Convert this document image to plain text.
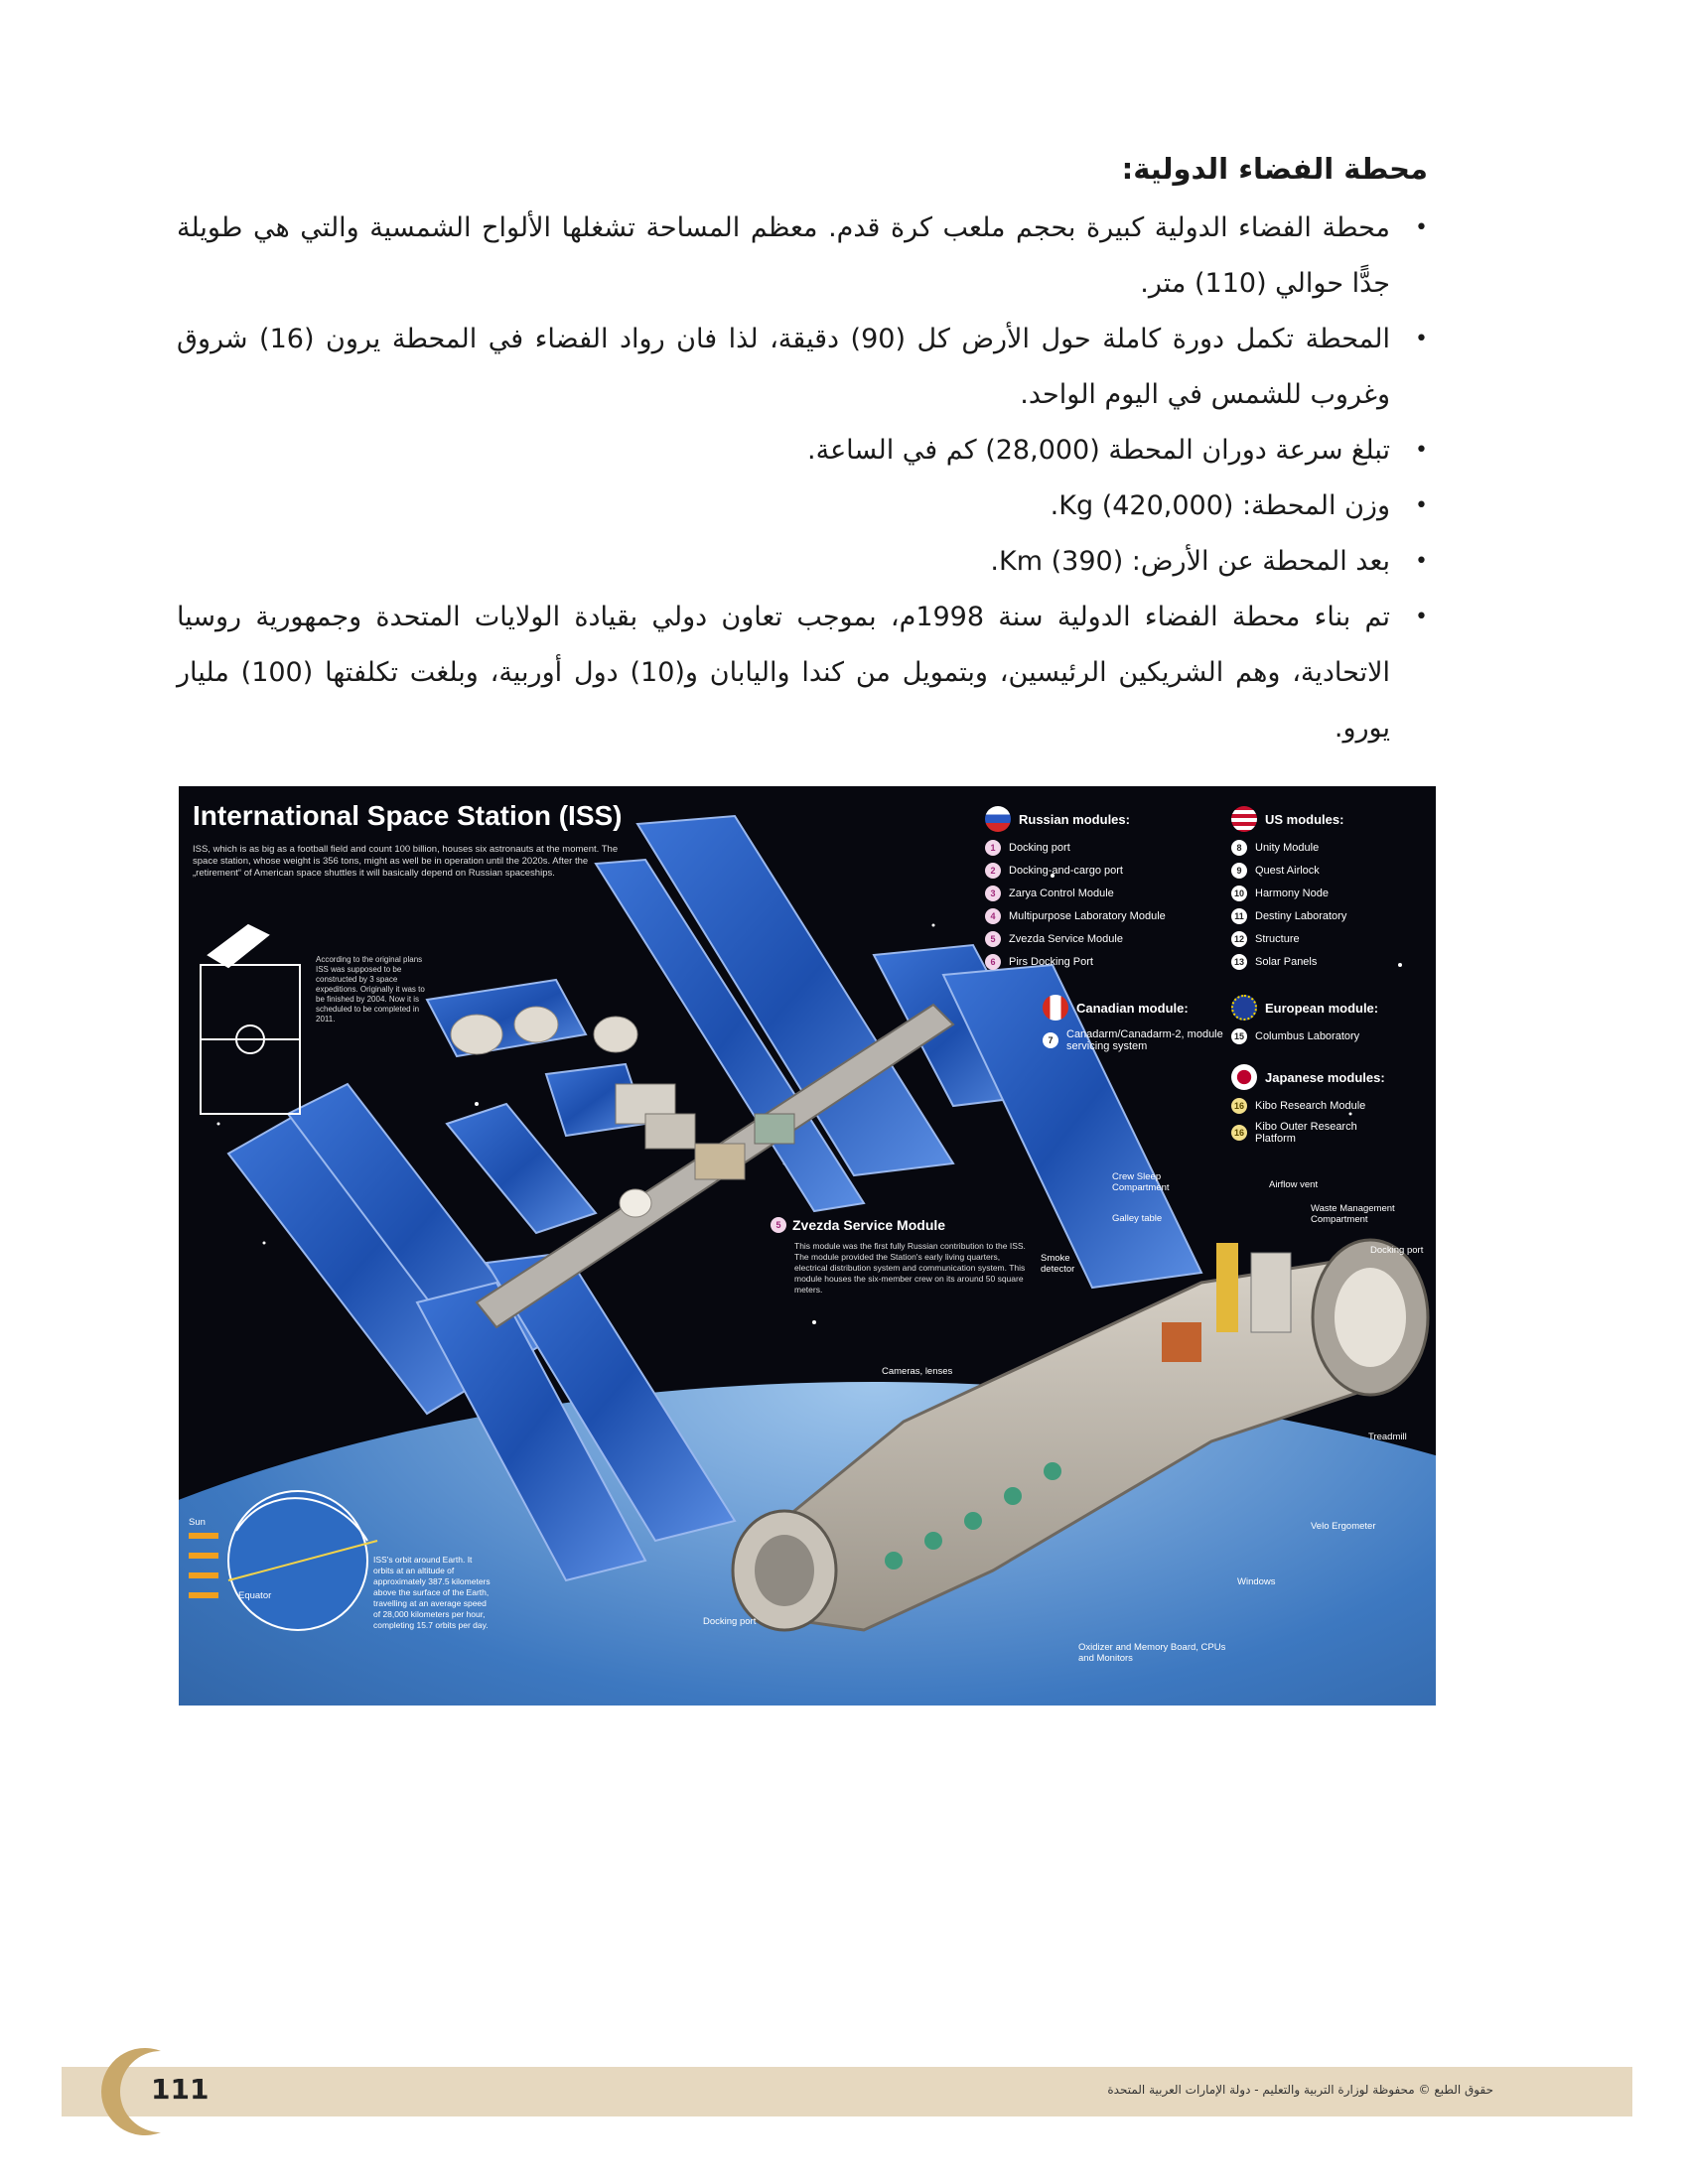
محطة الفضاء الدولية:
• محطة الفضاء الدولية كبيرة بحجم ملعب كرة قدم. معظم المساحة تشغلها الألواح الشمسية والتي هي طويلة جدًّا حوالي (110) متر.
• المحطة تكمل دورة كاملة حول الأرض كل (90) دقيقة، لذا فان رواد الفضاء في المحطة يرون (16) شروق وغروب للشمس في اليوم الواحد.
• تبلغ سرعة دوران المحطة (28,000) كم في الساعة.
• وزن المحطة: (420,000) Kg.
• بعد المحطة عن الأرض: (390) Km.
• تم بناء محطة الفضاء الدولية سنة 1998م، بموجب تعاون دولي بقيادة الولايات المتحدة وجمهورية روسيا الاتحادية، وهم الشريكين الرئيسين، وبتمويل من كندا واليابان و(10) دول أوربية، وبلغت تكلفتها (100) مليار يورو.
International Space Station (ISS)
ISS, which is as big as a football field and count 100 billion, houses six astronauts at the moment. The space station, whose weight is 356 tons, might as well be in operation until the 2020s. After the „retirement“ of American space shuttles it will basically depend on Russian spaceships.
According to the original plans ISS was supposed to be constructed by 3 space expeditions. Originally it was to be finished by 2004. Now it is scheduled to be completed in 2011.
Russian modules:
1	Docking port
2	Docking-and-cargo port
3	Zarya Control Module
4	Multipurpose Laboratory Module
5	Zvezda Service Module
6	Pirs Docking Port
US modules:
8	Unity Module
9	Quest Airlock
10 Harmony Node
11 Destiny Laboratory
12 Structure
13 Solar Panels
Canadian module:
7	Canadarm/Canadarm-2, module servicing system
European module:
15 Columbus Laboratory
Japanese modules:
16 Kibo Research Module
16 Kibo Outer Research Platform
5 Zvezda Service Module
This module was the first fully Russian contribution to the ISS. The module provided the Station's early living quarters, electrical distribution system and communication system. This module houses the six-member crew on its around 50 square meters.
Crew Sleep Compartment
Galley table
Smoke detector
Airflow vent
Waste Management Compartment
Docking port
Cameras, lenses
Treadmill
Velo Ergometer
Windows
Docking port
Oxidizer and Memory Board, CPUs and Monitors
Sun
Equator
ISS's orbit around Earth. It orbits at an altitude of approximately 387.5 kilometers above the surface of the Earth, travelling at an average speed of 28,000 kilometers per hour, completing 15.7 orbits per day.
111	حقوق الطبع © محفوظة لوزارة التربية والتعليم - دولة الإمارات العربية المتحدة
